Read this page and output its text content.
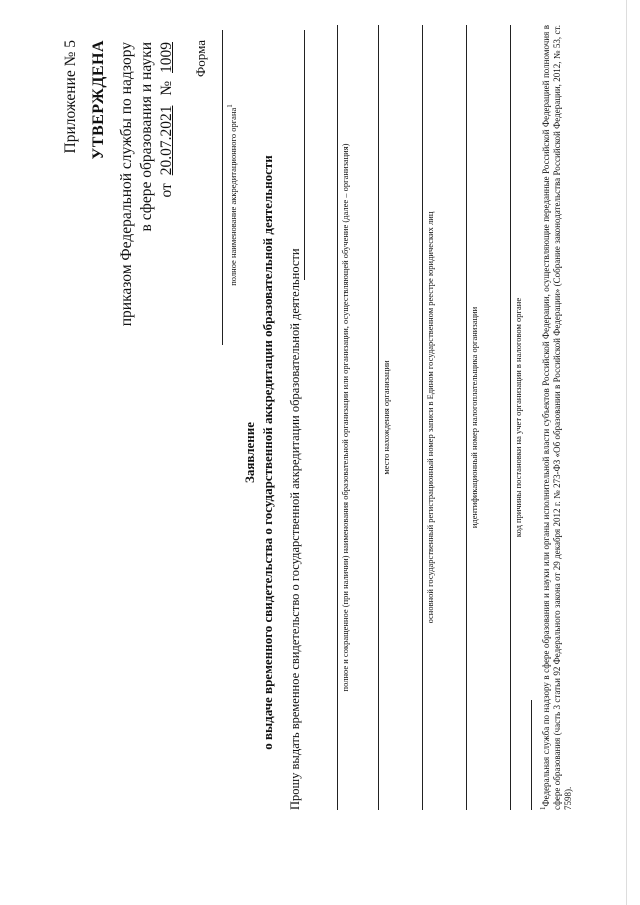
Приложение № 5 УТВЕРЖДЕНА приказом Федеральной службы по надзору в сфере образования и науки от 20.07.2021 № 1009 Форма
полное наименование аккредитационного органа$^1$
Заявление о выдаче временного свидетельства о государственной аккредитации образовательной деятельности Прошу выдать временное свидетельство о государственной аккредитации образовательной деятельности	полное и сокращенное (при наличии) наименования образовательной организации или организации, осуществляющей обучение (далее – организация)	место нахождения организации	основной государственный регистрационный номер записи в Едином государственном реестре юридических лиц	идентификационный номер налогоплательщика организации	код причины постановки на учет организации в налоговом органе
$^1$Федеральная служба по надзору в сфере образования и науки или органы исполнительной власти субъектов Российской Федерации, осуществляющие переданные Российской Федерацией полномочия в сфере образования (часть 3 статьи 92 Федерального закона от 29 декабря 2012 г. № 273-ФЗ «Об образовании в Российской Федерации» (Собрание законодательства Российской Федерации, 2012, № 53, ст. 7598).
